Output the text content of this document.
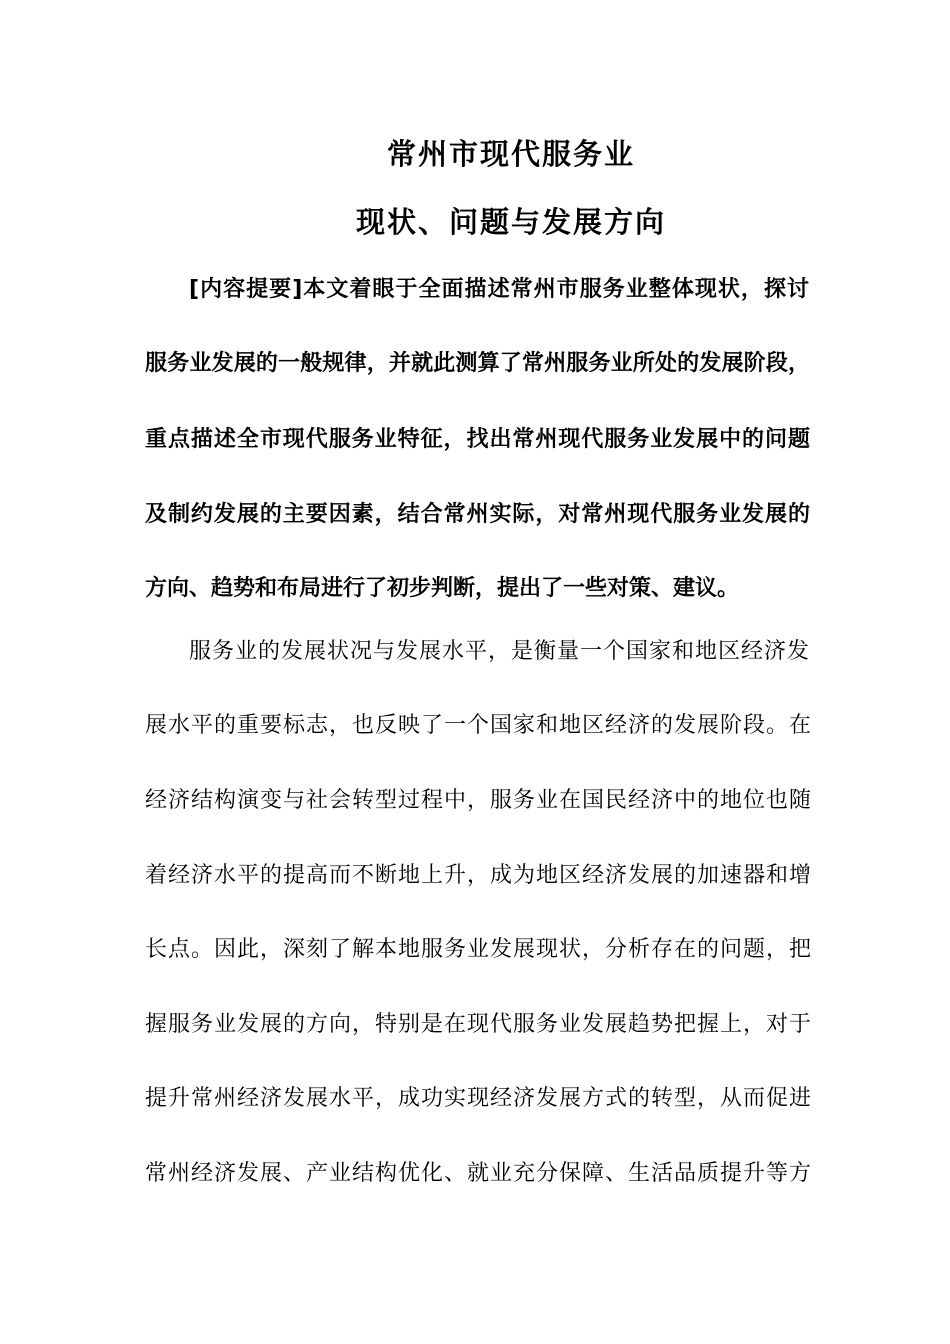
常州市现代服务业
现状、问题与发展方向
[内容提要]本文着眼于全面描述常州市服务业整体现状，探讨
服务业发展的一般规律，并就此测算了常州服务业所处的发展阶段，
重点描述全市现代服务业特征，找出常州现代服务业发展中的问题
及制约发展的主要因素，结合常州实际，对常州现代服务业发展的
方向、趋势和布局进行了初步判断，提出了一些对策、建议。
服务业的发展状况与发展水平，是衡量一个国家和地区经济发
展水平的重要标志，也反映了一个国家和地区经济的发展阶段。在
经济结构演变与社会转型过程中，服务业在国民经济中的地位也随
着经济水平的提高而不断地上升，成为地区经济发展的加速器和增
长点。因此，深刻了解本地服务业发展现状，分析存在的问题，把
握服务业发展的方向，特别是在现代服务业发展趋势把握上，对于
提升常州经济发展水平，成功实现经济发展方式的转型，从而促进
常州经济发展、产业结构优化、就业充分保障、生活品质提升等方
